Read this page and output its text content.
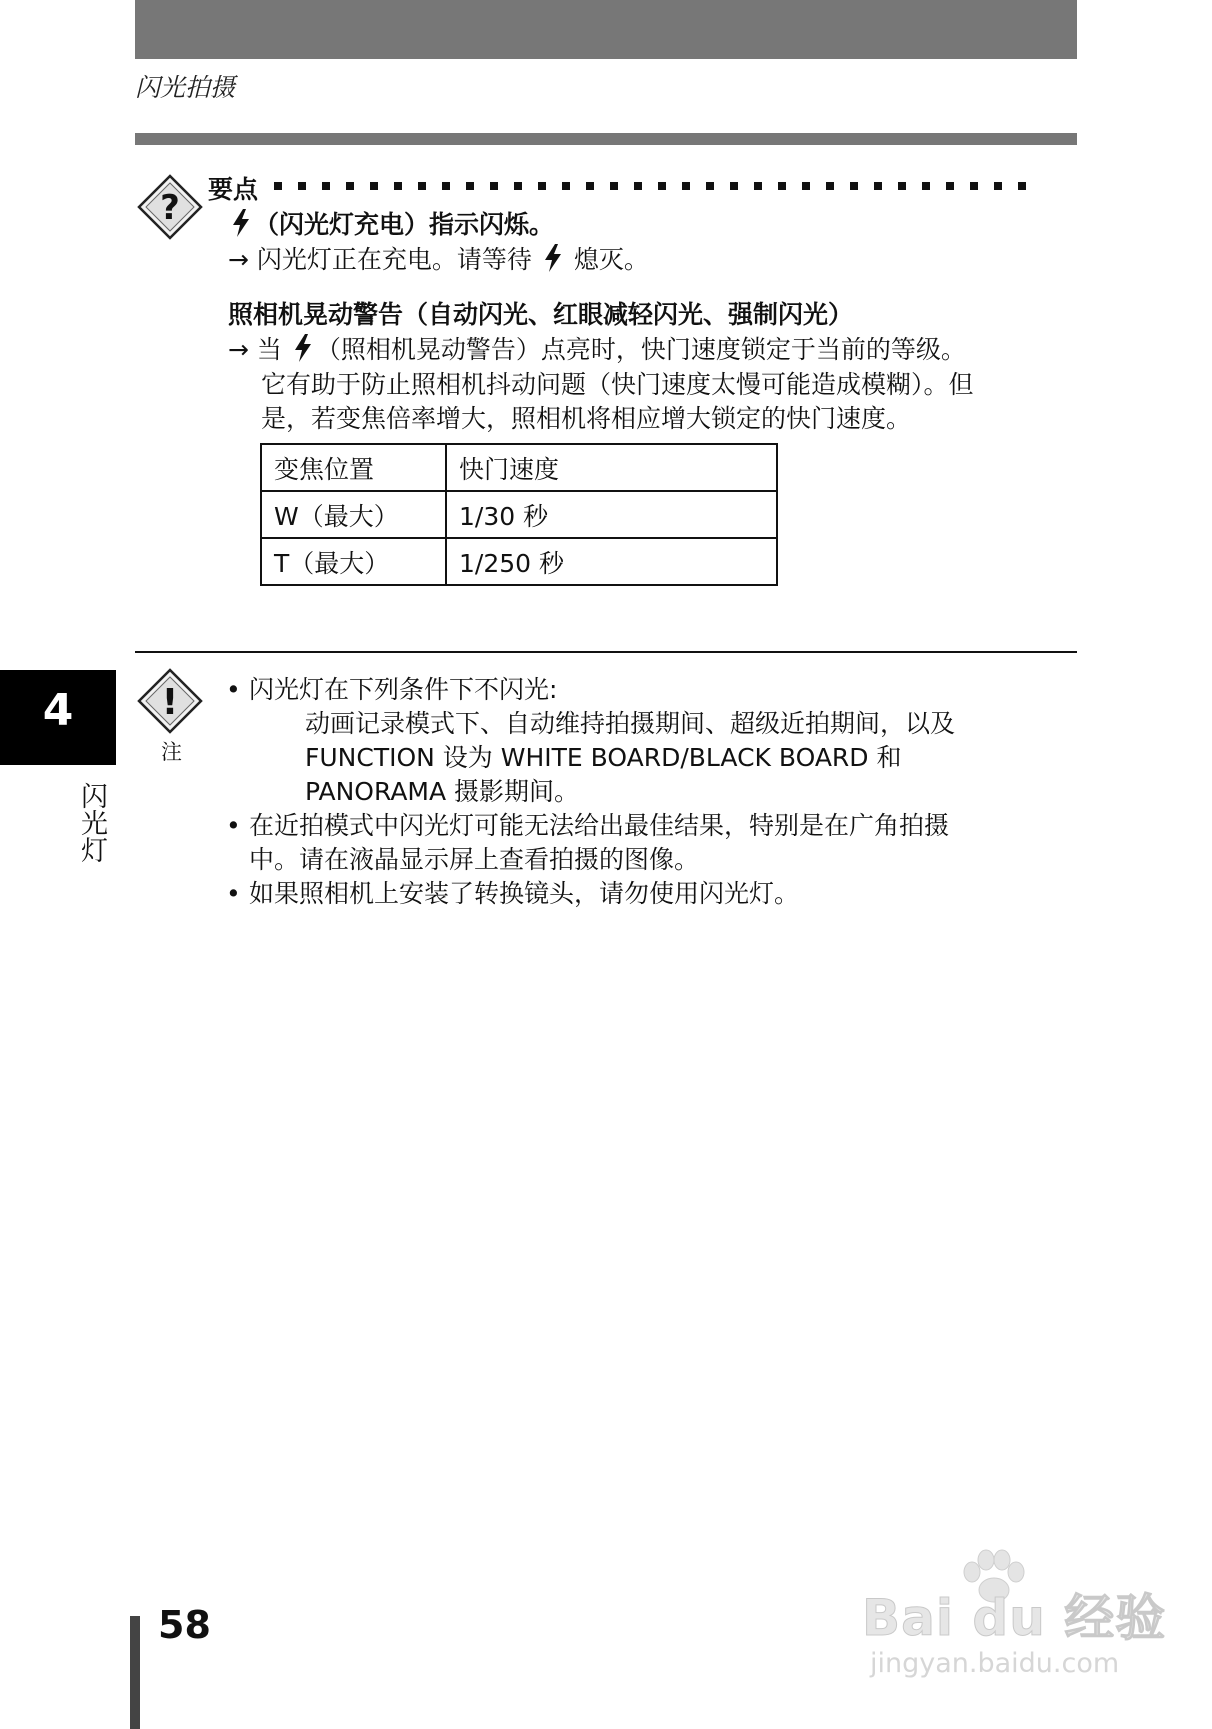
闪光拍摄
? 要点
（闪光灯充电）指示闪烁。
→ 闪光灯正在充电。请等待 熄灭。
照相机晃动警告（自动闪光、红眼减轻闪光、强制闪光）
→ 当 （照相机晃动警告）点亮时，快门速度锁定于当前的等级。
它有助于防止照相机抖动问题（快门速度太慢可能造成模糊）。但
是，若变焦倍率增大，照相机将相应增大锁定的快门速度。
变焦位置	快门速度
W（最大）	1/30 秒
T（最大）	1/250 秒
!
注
• 闪光灯在下列条件下不闪光:
动画记录模式下、自动维持拍摄期间、超级近拍期间，以及
FUNCTION 设为 WHITE BOARD/BLACK BOARD 和
PANORAMA 摄影期间。
• 在近拍模式中闪光灯可能无法给出最佳结果，特别是在广角拍摄
中。请在液晶显示屏上查看拍摄的图像。
• 如果照相机上安装了转换镜头，请勿使用闪光灯。
4
闪光灯
58	Bai du 经验
jingyan.baidu.com
